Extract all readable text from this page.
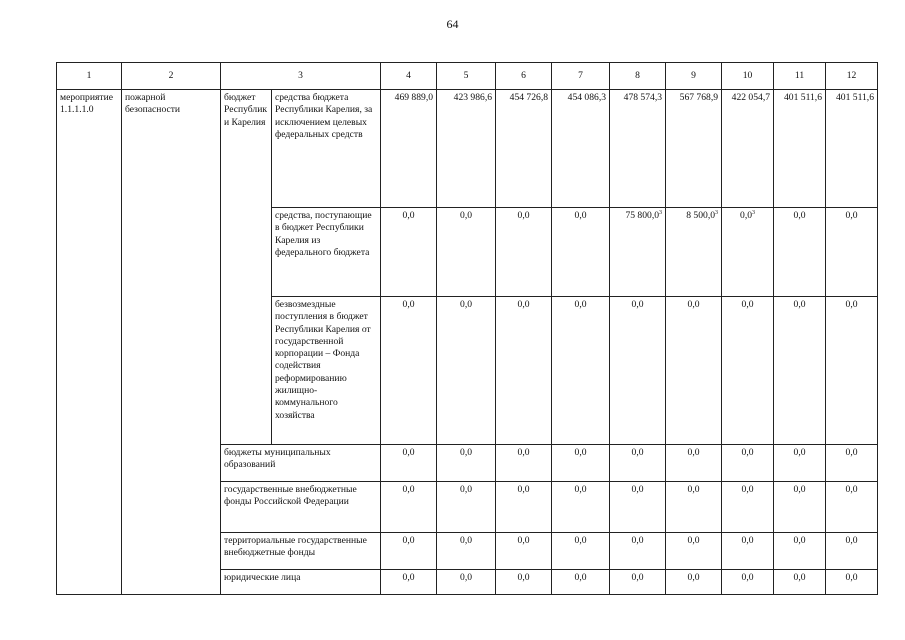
64
1	2	3		4	5	6	7	8	9	10	11	12
мероприятие 1.1.1.1.0	пожарной безопасности	бюджет Республики Карелия	средства бюджета Республики Карелия, за исключением целевых федеральных средств	469 889,0	423 986,6	454 726,8	454 086,3	478 574,3	567 768,9	422 054,7	401 511,6	401 511,6
			средства, поступающие в бюджет Республики Карелия из федерального бюджета	0,0	0,0	0,0	0,0	75 800,0$^3$	8 500,0$^3$	$0,0^3$	0,0	0,0
			безвозмездные поступления в бюджет Республики Карелия от государственной корпорации – Фонда содействия реформированию жилищно-коммунального хозяйства	0,0	0,0	0,0	0,0	0,0	0,0	0,0	0,0	0,0
		бюджеты муниципальных образований		0,0	0,0	0,0	0,0	0,0	0,0	0,0	0,0	0,0
		государственные внебюджетные фонды Российской Федерации		0,0	0,0	0,0	0,0	0,0	0,0	0,0	0,0	0,0
		территориальные государственные внебюджетные фонды		0,0	0,0	0,0	0,0	0,0	0,0	0,0	0,0	0,0
		юридические лица		0,0	0,0	0,0	0,0	0,0	0,0	0,0	0,0	0,0
